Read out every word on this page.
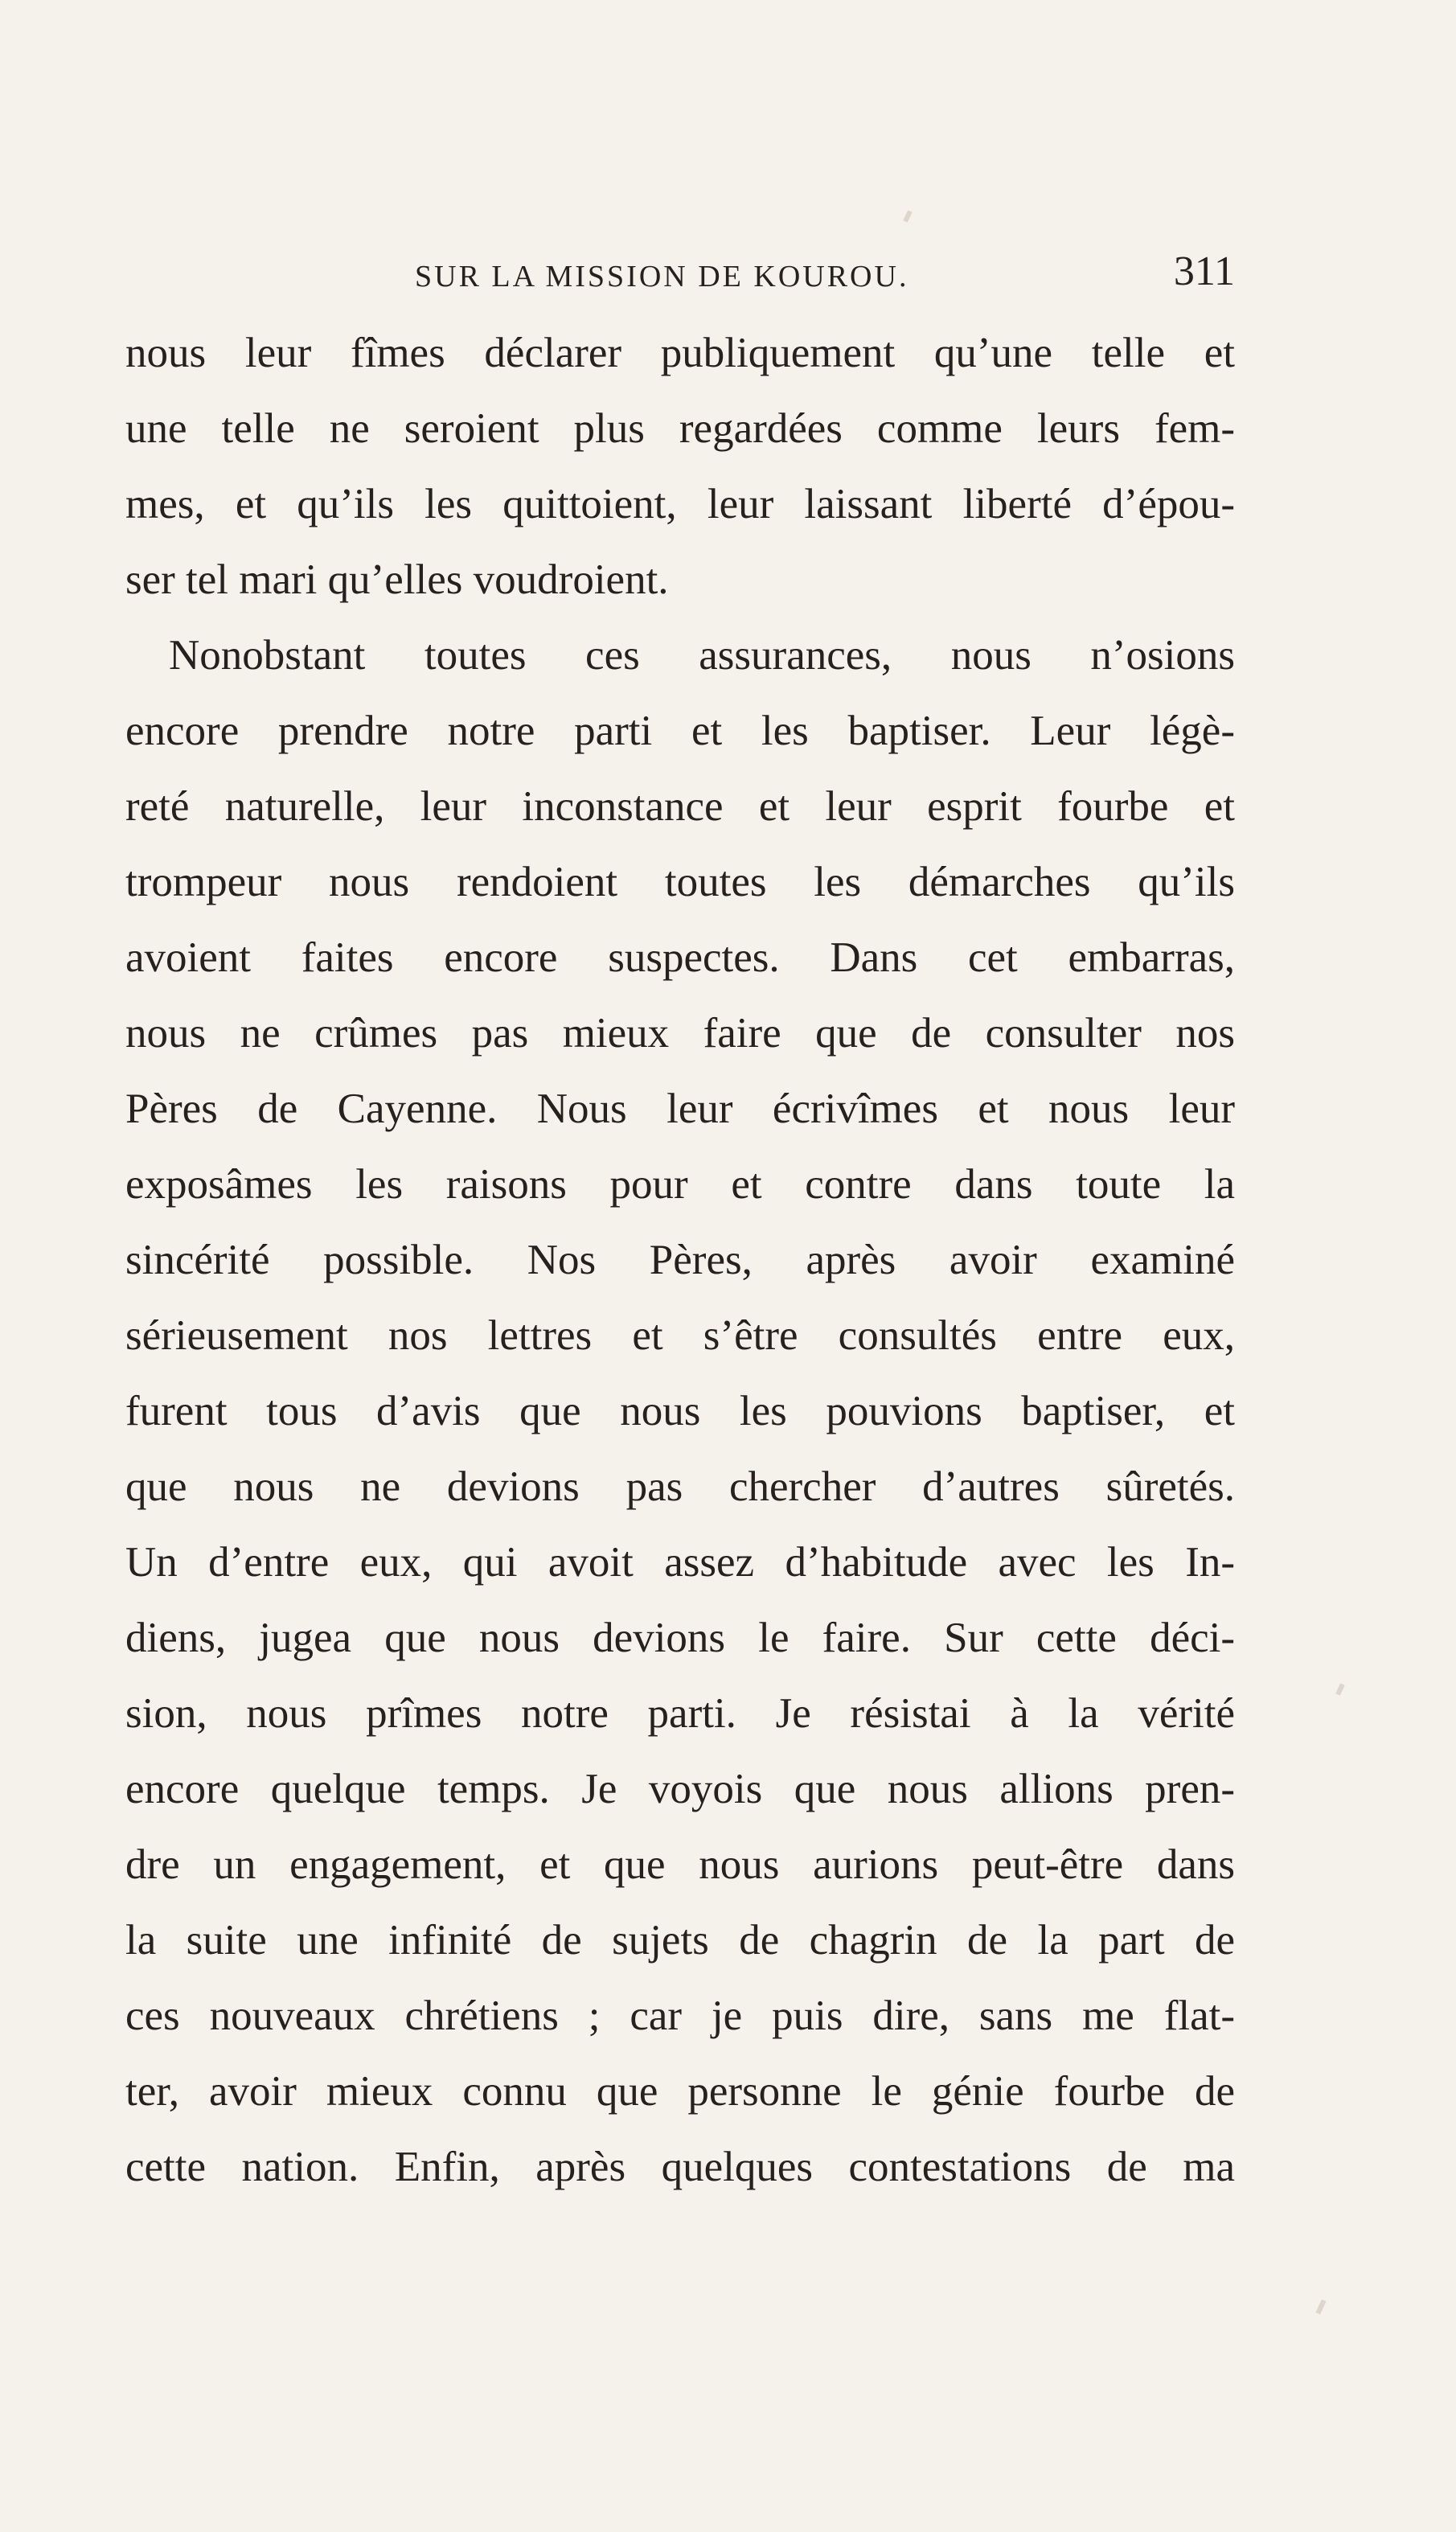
SUR LA MISSION DE KOUROU.	311
nous leur fîmes déclarer publiquement qu’une telle et
une telle ne seroient plus regardées comme leurs fem-
mes, et qu’ils les quittoient, leur laissant liberté d’épou-
ser tel mari qu’elles voudroient.
Nonobstant toutes ces assurances, nous n’osions
encore prendre notre parti et les baptiser. Leur légè-
reté naturelle, leur inconstance et leur esprit fourbe et
trompeur nous rendoient toutes les démarches qu’ils
avoient faites encore suspectes. Dans cet embarras,
nous ne crûmes pas mieux faire que de consulter nos
Pères de Cayenne. Nous leur écrivîmes et nous leur
exposâmes les raisons pour et contre dans toute la
sincérité possible. Nos Pères, après avoir examiné
sérieusement nos lettres et s’être consultés entre eux,
furent tous d’avis que nous les pouvions baptiser, et
que nous ne devions pas chercher d’autres sûretés.
Un d’entre eux, qui avoit assez d’habitude avec les In-
diens, jugea que nous devions le faire. Sur cette déci-
sion, nous prîmes notre parti. Je résistai à la vérité
encore quelque temps. Je voyois que nous allions pren-
dre un engagement, et que nous aurions peut-être dans
la suite une infinité de sujets de chagrin de la part de
ces nouveaux chrétiens ; car je puis dire, sans me flat-
ter, avoir mieux connu que personne le génie fourbe de
cette nation. Enfin, après quelques contestations de ma
